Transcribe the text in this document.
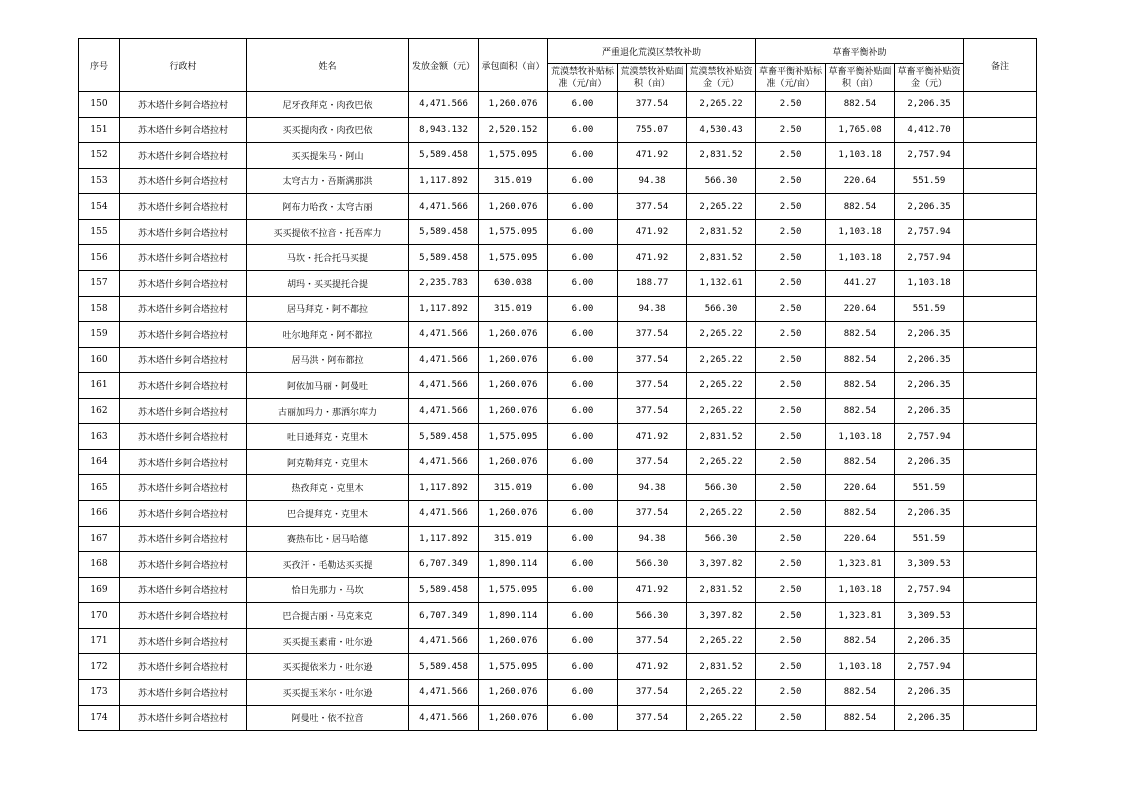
序号	行政村	姓名	发放金额（元）	承包面积（亩）	严重退化荒漠区禁牧补助			草畜平衡补助			备注
					荒漠禁牧补贴标准（元/亩）	荒漠禁牧补贴面积（亩）	荒漠禁牧补贴资金（元）	草畜平衡补贴标准（元/亩）	草畜平衡补贴面积（亩）	草畜平衡补贴资金（元）	
150	苏木塔什乡阿合塔拉村	尼牙孜拜克・肉孜巴依	4,471.566	1,260.076	6.00	377.54	2,265.22	2.50	882.54	2,206.35	
151	苏木塔什乡阿合塔拉村	买买提肉孜・肉孜巴依	8,943.132	2,520.152	6.00	755.07	4,530.43	2.50	1,765.08	4,412.70	
152	苏木塔什乡阿合塔拉村	买买提朱马・阿山	5,589.458	1,575.095	6.00	471.92	2,831.52	2.50	1,103.18	2,757.94	
153	苏木塔什乡阿合塔拉村	太穹古力・吾斯满那洪	1,117.892	315.019	6.00	94.38	566.30	2.50	220.64	551.59	
154	苏木塔什乡阿合塔拉村	阿布力哈孜・太穹古丽	4,471.566	1,260.076	6.00	377.54	2,265.22	2.50	882.54	2,206.35	
155	苏木塔什乡阿合塔拉村	买买提依不拉音・托吾库力	5,589.458	1,575.095	6.00	471.92	2,831.52	2.50	1,103.18	2,757.94	
156	苏木塔什乡阿合塔拉村	马坎・托合托马买提	5,589.458	1,575.095	6.00	471.92	2,831.52	2.50	1,103.18	2,757.94	
157	苏木塔什乡阿合塔拉村	胡玛・买买提托合提	2,235.783	630.038	6.00	188.77	1,132.61	2.50	441.27	1,103.18	
158	苏木塔什乡阿合塔拉村	居马拜克・阿不都拉	1,117.892	315.019	6.00	94.38	566.30	2.50	220.64	551.59	
159	苏木塔什乡阿合塔拉村	吐尔地拜克・阿不都拉	4,471.566	1,260.076	6.00	377.54	2,265.22	2.50	882.54	2,206.35	
160	苏木塔什乡阿合塔拉村	居马洪・阿布都拉	4,471.566	1,260.076	6.00	377.54	2,265.22	2.50	882.54	2,206.35	
161	苏木塔什乡阿合塔拉村	阿依加马丽・阿曼吐	4,471.566	1,260.076	6.00	377.54	2,265.22	2.50	882.54	2,206.35	
162	苏木塔什乡阿合塔拉村	古丽加玛力・那洒尔库力	4,471.566	1,260.076	6.00	377.54	2,265.22	2.50	882.54	2,206.35	
163	苏木塔什乡阿合塔拉村	吐日逊拜克・克里木	5,589.458	1,575.095	6.00	471.92	2,831.52	2.50	1,103.18	2,757.94	
164	苏木塔什乡阿合塔拉村	阿克勒拜克・克里木	4,471.566	1,260.076	6.00	377.54	2,265.22	2.50	882.54	2,206.35	
165	苏木塔什乡阿合塔拉村	热孜拜克・克里木	1,117.892	315.019	6.00	94.38	566.30	2.50	220.64	551.59	
166	苏木塔什乡阿合塔拉村	巴合提拜克・克里木	4,471.566	1,260.076	6.00	377.54	2,265.22	2.50	882.54	2,206.35	
167	苏木塔什乡阿合塔拉村	赛热布比・居马哈德	1,117.892	315.019	6.00	94.38	566.30	2.50	220.64	551.59	
168	苏木塔什乡阿合塔拉村	买孜汗・毛勒达买买提	6,707.349	1,890.114	6.00	566.30	3,397.82	2.50	1,323.81	3,309.53	
169	苏木塔什乡阿合塔拉村	恰日先那力・马坎	5,589.458	1,575.095	6.00	471.92	2,831.52	2.50	1,103.18	2,757.94	
170	苏木塔什乡阿合塔拉村	巴合提古丽・马克来克	6,707.349	1,890.114	6.00	566.30	3,397.82	2.50	1,323.81	3,309.53	
171	苏木塔什乡阿合塔拉村	买买提玉素甫・吐尔逊	4,471.566	1,260.076	6.00	377.54	2,265.22	2.50	882.54	2,206.35	
172	苏木塔什乡阿合塔拉村	买买提依米力・吐尔逊	5,589.458	1,575.095	6.00	471.92	2,831.52	2.50	1,103.18	2,757.94	
173	苏木塔什乡阿合塔拉村	买买提玉米尔・吐尔逊	4,471.566	1,260.076	6.00	377.54	2,265.22	2.50	882.54	2,206.35	
174	苏木塔什乡阿合塔拉村	阿曼吐・依不拉音	4,471.566	1,260.076	6.00	377.54	2,265.22	2.50	882.54	2,206.35	
